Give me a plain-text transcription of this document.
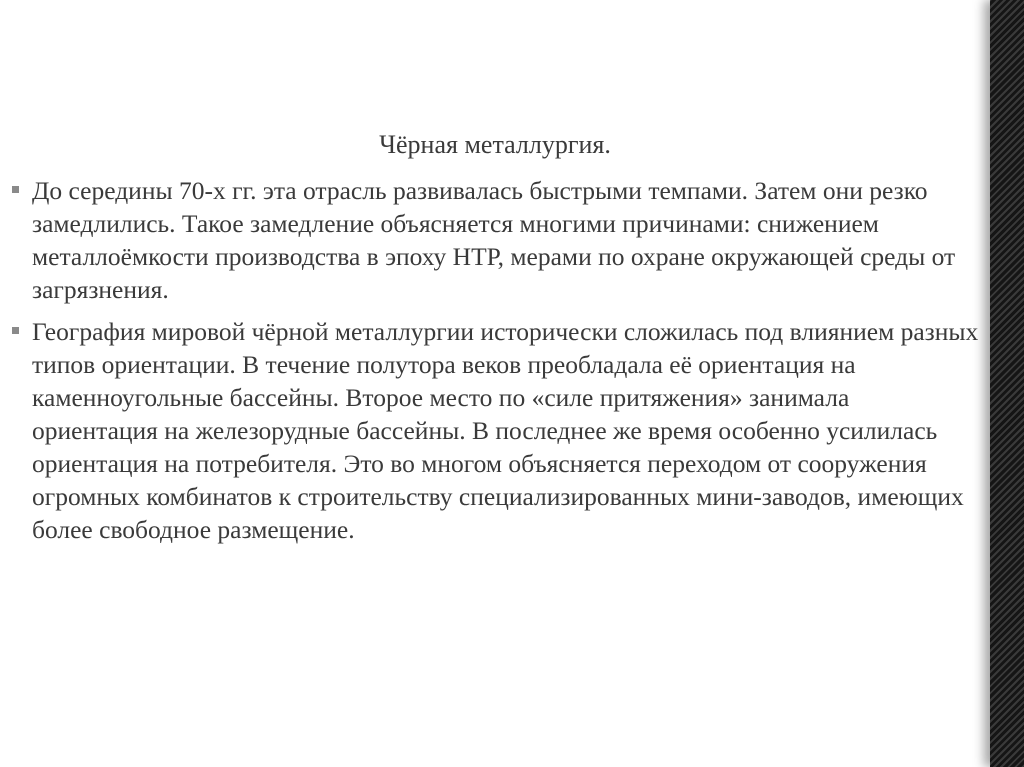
Чёрная металлургия.
До середины 70-х гг. эта отрасль развивалась быстрыми темпами. Затем они резко замедлились. Такое замедление объясняется многими причинами: снижением металлоёмкости производства в эпоху НТР, мерами по охране окружающей среды от загрязнения.
География мировой чёрной металлургии исторически сложилась под влиянием разных типов ориентации. В течение полутора веков преобладала её ориентация на каменноугольные бассейны. Второе место по «силе притяжения» занимала ориентация на железорудные бассейны. В последнее же время особенно усилилась ориентация на потребителя. Это во многом объясняется переходом от сооружения огромных комбинатов к строительству специализированных мини-заводов, имеющих более свободное размещение.
